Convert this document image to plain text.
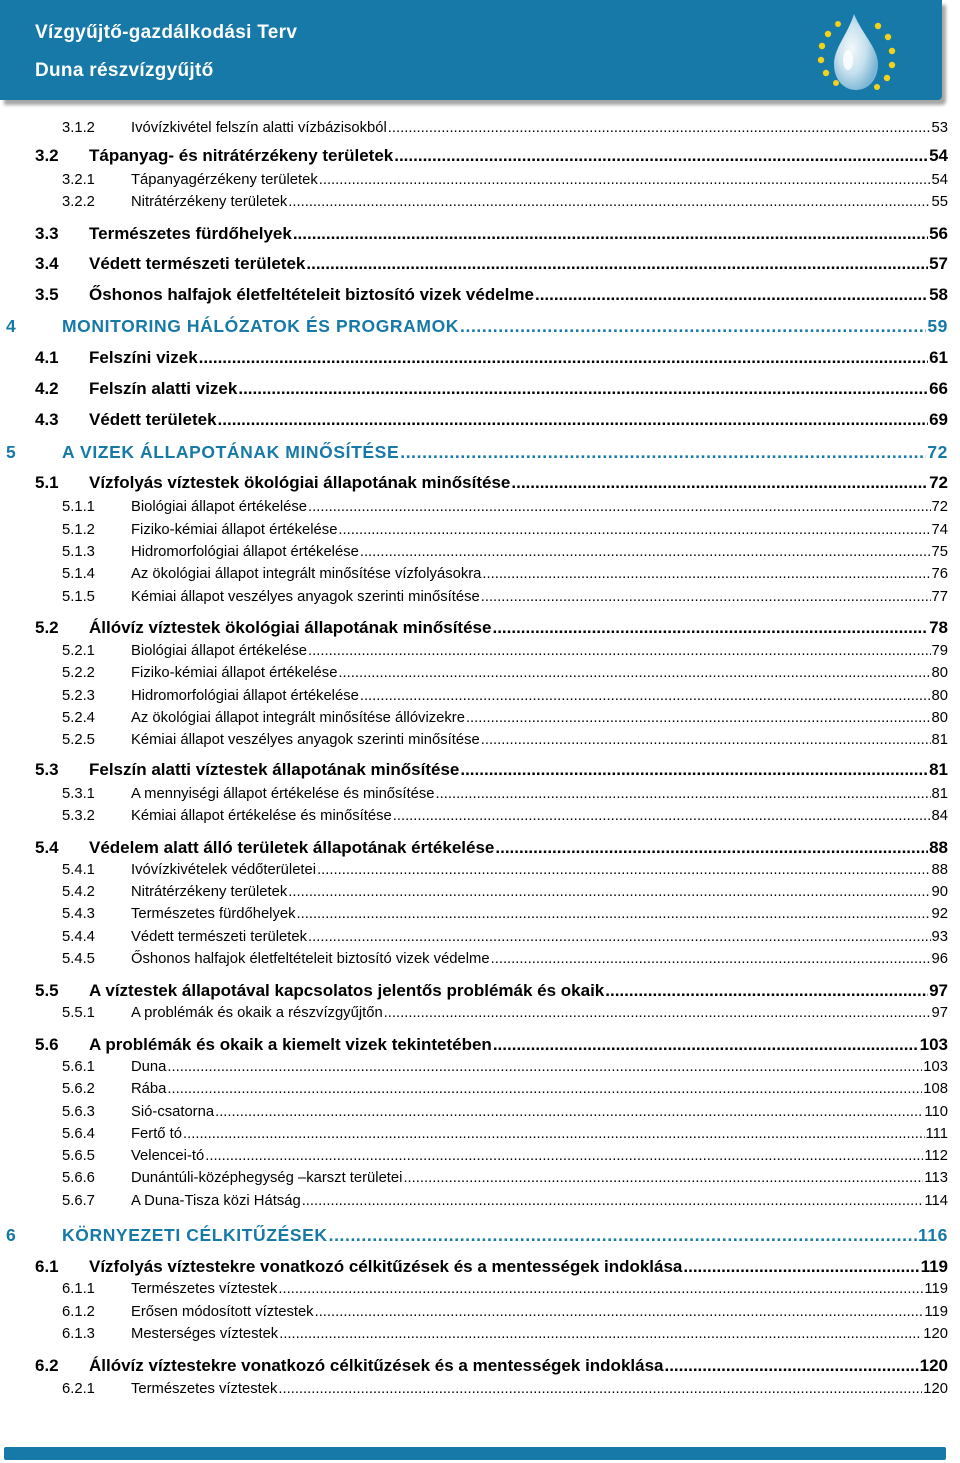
Vízgyűjtő-gazdálkodási Terv
Duna részvízgyűjtő
3.1.2	Ivóvízkivétel felszín alatti vízbázisokból .....	53
3.2	Tápanyag- és nitrátérzékeny területek .....	54
3.2.1	Tápanyagérzékeny területek .....	54
3.2.2	Nitrátérzékeny területek .....	55
3.3	Természetes fürdőhelyek .....	56
3.4	Védett természeti területek .....	57
3.5	Őshonos halfajok életfeltételeit biztosító vizek védelme .....	58
4	MONITORING HÁLÓZATOK ÉS PROGRAMOK .....	59
4.1	Felszíni vizek .....	61
4.2	Felszín alatti vizek .....	66
4.3	Védett területek .....	69
5	A VIZEK ÁLLAPOTÁNAK MINŐSÍTÉSE .....	72
5.1	Vízfolyás víztestek ökológiai állapotának minősítése .....	72
5.1.1	Biológiai állapot értékelése .....	72
5.1.2	Fiziko-kémiai állapot értékelése .....	74
5.1.3	Hidromorfológiai állapot értékelése .....	75
5.1.4	Az ökológiai állapot integrált minősítése vízfolyásokra .....	76
5.1.5	Kémiai állapot veszélyes anyagok szerinti minősítése .....	77
5.2	Állóvíz víztestek ökológiai állapotának minősítése .....	78
5.2.1	Biológiai állapot értékelése .....	79
5.2.2	Fiziko-kémiai állapot értékelése .....	80
5.2.3	Hidromorfológiai állapot értékelése .....	80
5.2.4	Az ökológiai állapot integrált minősítése állóvizekre .....	80
5.2.5	Kémiai állapot veszélyes anyagok szerinti minősítése .....	81
5.3	Felszín alatti víztestek állapotának minősítése .....	81
5.3.1	A mennyiségi állapot értékelése és minősítése .....	81
5.3.2	Kémiai állapot értékelése és minősítése .....	84
5.4	Védelem alatt álló területek állapotának értékelése .....	88
5.4.1	Ivóvízkivételek védőterületei .....	88
5.4.2	Nitrátérzékeny területek .....	90
5.4.3	Természetes fürdőhelyek .....	92
5.4.4	Védett természeti területek .....	93
5.4.5	Őshonos halfajok életfeltételeit biztosító vizek védelme .....	96
5.5	A víztestek állapotával kapcsolatos jelentős problémák és okaik .....	97
5.5.1	A problémák és okaik a részvízgyűjtőn .....	97
5.6	A problémák és okaik a kiemelt vizek tekintetében .....	103
5.6.1	Duna .....	103
5.6.2	Rába .....	108
5.6.3	Sió-csatorna .....	110
5.6.4	Fertő tó .....	111
5.6.5	Velencei-tó .....	112
5.6.6	Dunántúli-középhegység –karszt területei .....	113
5.6.7	A Duna-Tisza közi Hátság .....	114
6	KÖRNYEZETI CÉLKITŰZÉSEK .....	116
6.1	Vízfolyás víztestekre vonatkozó célkitűzések és a mentességek indoklása .....	119
6.1.1	Természetes víztestek .....	119
6.1.2	Erősen módosított víztestek .....	119
6.1.3	Mesterséges víztestek .....	120
6.2	Állóvíz víztestekre vonatkozó célkitűzések és a mentességek indoklása .....	120
6.2.1	Természetes víztestek .....	120
